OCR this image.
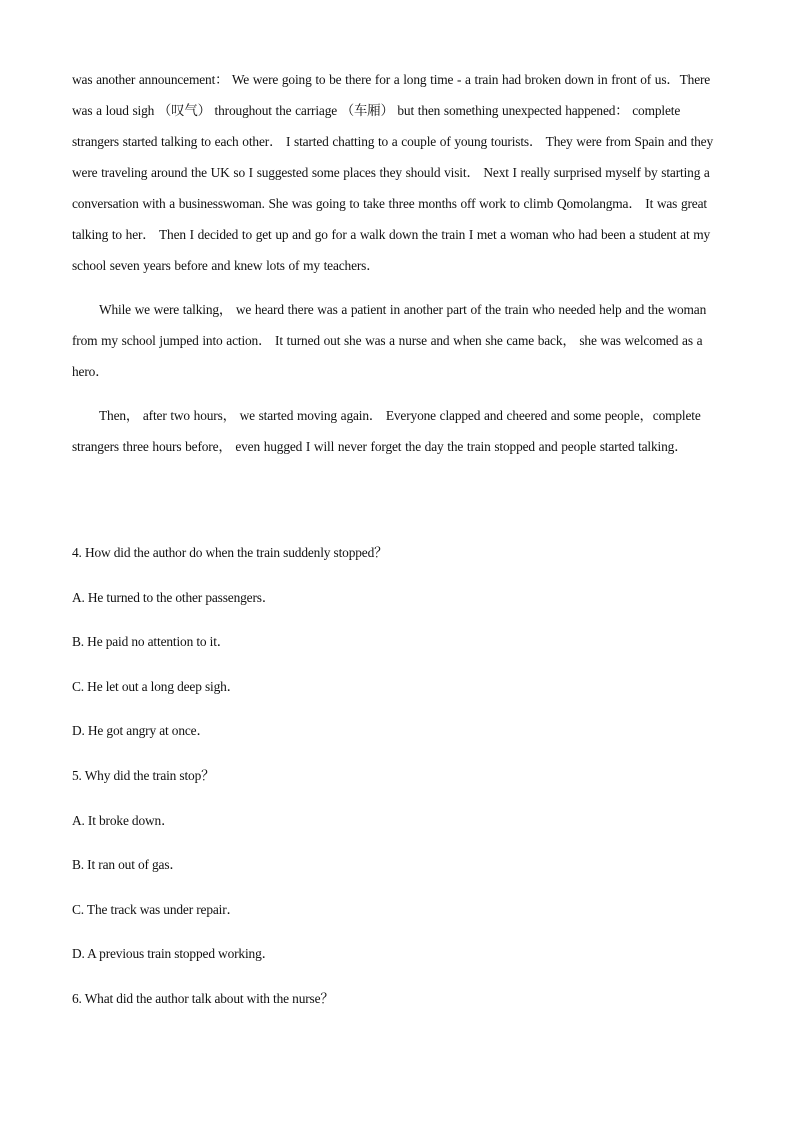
was another announcement： We were going to be there for a long time - a train had broken down in front of us．There was a loud sigh （叹气） throughout the carriage （车厢） but then something unexpected happened： complete strangers started talking to each other． I started chatting to a couple of young tourists． They were from Spain and they were traveling around the UK so I suggested some places they should visit． Next I really surprised myself by starting a conversation with a businesswoman. She was going to take three months off work to climb Qomolangma． It was great talking to her． Then I decided to get up and go for a walk down the train I met a woman who had been a student at my school seven years before and knew lots of my teachers．

While we were talking， we heard there was a patient in another part of the train who needed help and the woman from my school jumped into action． It turned out she was a nurse and when she came back， she was welcomed as a hero．

Then， after two hours， we started moving again． Everyone clapped and cheered and some people，complete strangers three hours before， even hugged I will never forget the day the train stopped and people started talking．

4. How did the author do when the train suddenly stopped？
A. He turned to the other passengers．
B. He paid no attention to it．
C. He let out a long deep sigh．
D. He got angry at once．
5. Why did the train stop？
A. It broke down．
B. It ran out of gas．
C. The track was under repair．
D. A previous train stopped working．
6. What did the author talk about with the nurse？
